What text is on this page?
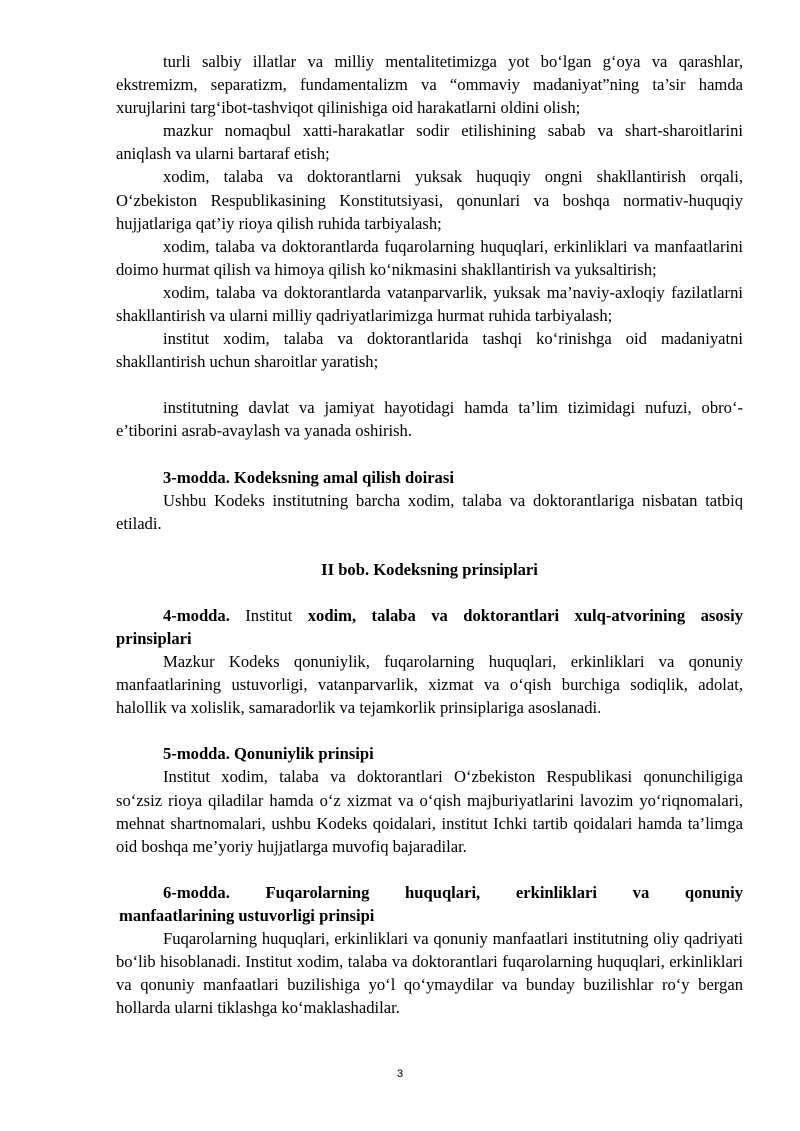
turli salbiy illatlar va milliy mentalitetimizga yot bo‘lgan g‘oya va qarashlar, ekstremizm, separatizm, fundamentalizm va “ommaviy madaniyat”ning ta’sir hamda xurujlarini targ‘ibot-tashviqot qilinishiga oid harakatlarni oldini olish;

mazkur nomaqbul xatti-harakatlar sodir etilishining sabab va shart-sharoitlarini aniqlash va ularni bartaraf etish;

xodim, talaba va doktorantlarni yuksak huquqiy ongni shakllantirish orqali, O‘zbekiston Respublikasining Konstitutsiyasi, qonunlari va boshqa normativ-huquqiy hujjatlariga qat’iy rioya qilish ruhida tarbiyalash;

xodim, talaba va doktorantlarda fuqarolarning huquqlari, erkinliklari va manfaatlarini doimo hurmat qilish va himoya qilish ko‘nikmasini shakllantirish va yuksaltirish;

xodim, talaba va doktorantlarda vatanparvarlik, yuksak ma’naviy-axloqiy fazilatlarni shakllantirish va ularni milliy qadriyatlarimizga hurmat ruhida tarbiyalash;

institut xodim, talaba va doktorantlarida tashqi ko‘rinishga oid madaniyatni shakllantirish uchun sharoitlar yaratish;

institutning davlat va jamiyat hayotidagi hamda ta’lim tizimidagi nufuzi, obro‘-e’tiborini asrab-avaylash va yanada oshirish.

3-modda. Kodeksning amal qilish doirasi

Ushbu Kodeks institutning barcha xodim, talaba va doktorantlariga nisbatan tatbiq etiladi.

II bob. Kodeksning prinsiplari

4-modda. Institut xodim, talaba va doktorantlari xulq-atvorining asosiy prinsiplari

Mazkur Kodeks qonuniylik, fuqarolarning huquqlari, erkinliklari va qonuniy manfaatlarining ustuvorligi, vatanparvarlik, xizmat va o‘qish burchiga sodiqlik, adolat, halollik va xolislik, samaradorlik va tejamkorlik prinsiplariga asoslanadi.

5-modda. Qonuniylik prinsipi

Institut xodim, talaba va doktorantlari O‘zbekiston Respublikasi qonunchiligiga so‘zsiz rioya qiladilar hamda o‘z xizmat va o‘qish majburiyatlarini lavozim yo‘riqnomalari, mehnat shartnomalari, ushbu Kodeks qoidalari, institut Ichki tartib qoidalari hamda ta’limga oid boshqa me’yoriy hujjatlarga muvofiq bajaradilar.

6-modda. Fuqarolarning huquqlari, erkinliklari va qonuniy

manfaatlarining ustuvorligi prinsipi

Fuqarolarning huquqlari, erkinliklari va qonuniy manfaatlari institutning oliy qadriyati bo‘lib hisoblanadi. Institut xodim, talaba va doktorantlari fuqarolarning huquqlari, erkinliklari va qonuniy manfaatlari buzilishiga yo‘l qo‘ymaydilar va bunday buzilishlar ro‘y bergan hollarda ularni tiklashga ko‘maklashadilar.

3
